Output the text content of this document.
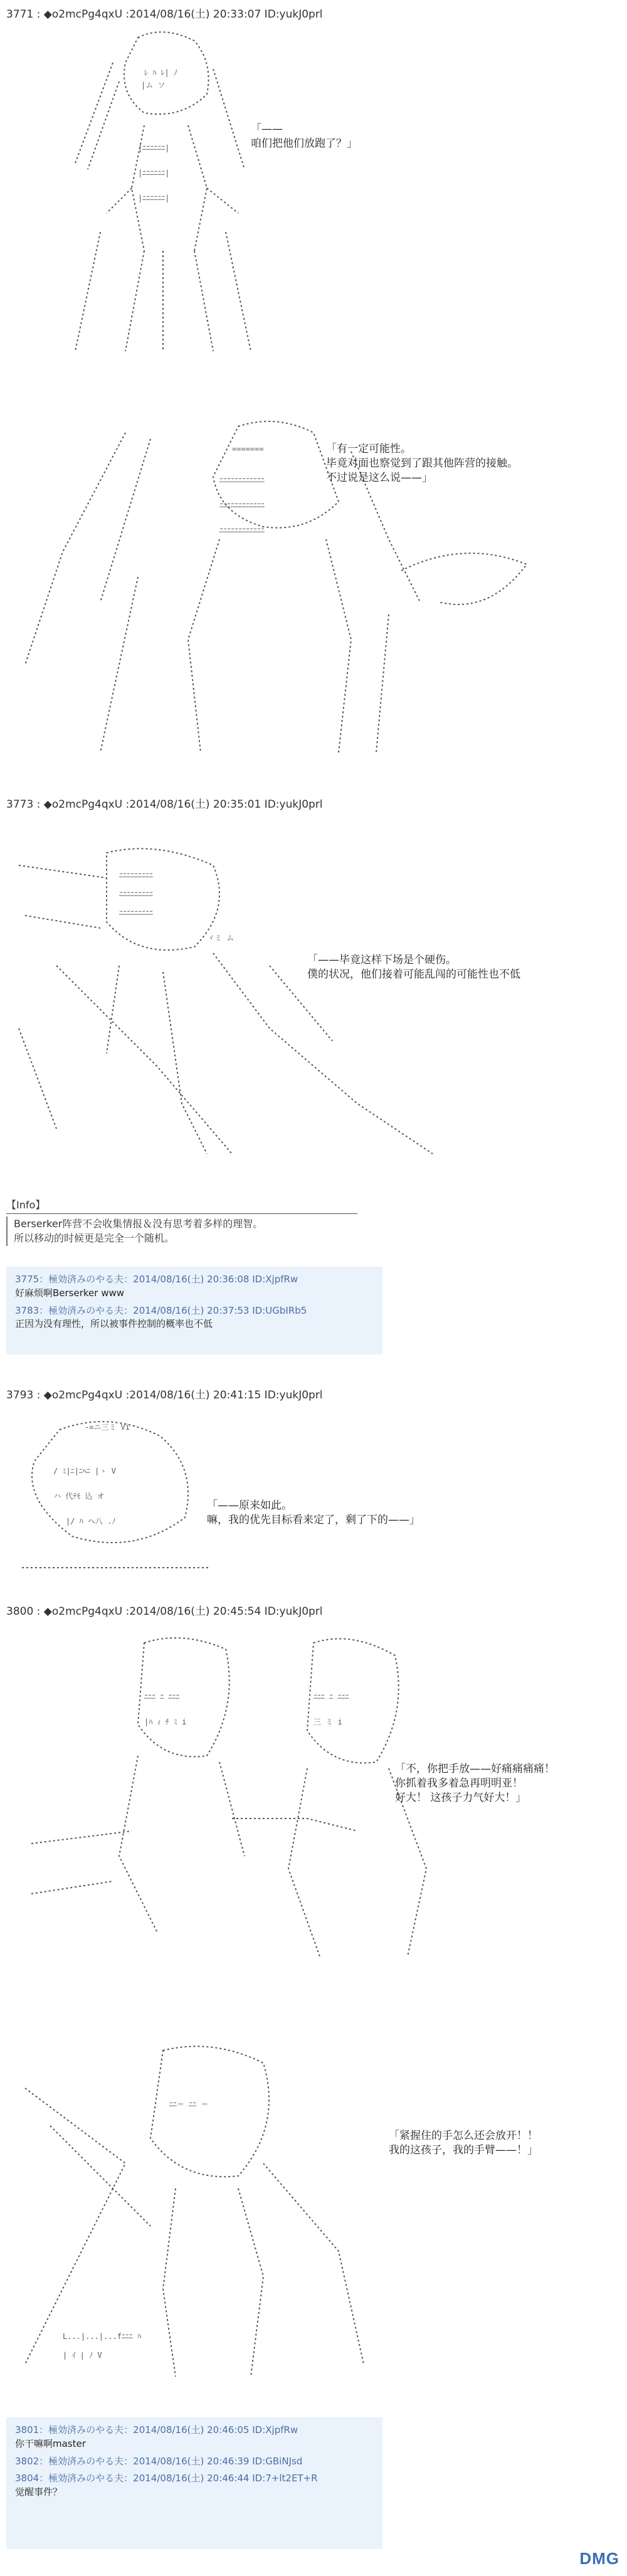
3771 : ◆o2mcPg4qxU :2014/08/16(土) 20:33:07 ID:yukJ0prl
ﾚ ﾊ ﾚ| ﾉ
|ム ソ
|ﾆﾆﾆﾆﾆﾆ|
|ﾆﾆﾆﾆﾆﾆ|
|ﾆﾆﾆﾆﾆﾆ|
「——
咱们把他们放跑了？」
=======
ﾆﾆﾆﾆﾆﾆﾆﾆﾆﾆﾆﾆ
ﾆﾆﾆﾆﾆﾆﾆﾆﾆﾆﾆﾆ
ﾆﾆﾆﾆﾆﾆﾆﾆﾆﾆﾆﾆ
「有一定可能性。
毕竟对面也察觉到了跟其他阵营的接触。
不过说是这么说——」
3773 : ◆o2mcPg4qxU :2014/08/16(土) 20:35:01 ID:yukJ0prl
ﾆﾆﾆﾆﾆﾆﾆﾆﾆ
ﾆﾆﾆﾆﾆﾆﾆﾆﾆ
ﾆﾆﾆﾆﾆﾆﾆﾆﾆ
ヾミ ム
「——毕竟这样下场是个硬伤。
僕的状况，他们接着可能乱闯的可能性也不低
【Info】
Berserker阵营不会收集情报＆没有思考着多样的理智。
所以移动的时候更是完全一个随机。
3775：極効済みのやる夫：2014/08/16(土) 20:36:08 ID:XjpfRw
好麻烦啊Berserker www
3783：極効済みのやる夫：2014/08/16(土) 20:37:53 ID:UGbIRb5
正因为没有理性，所以被事件控制的概率也不低
3793 : ◆o2mcPg4qxU :2014/08/16(土) 20:41:15 ID:yukJ0prl
-=ニ三ミ Vi
/ ﾐ|ﾆ|ﾆﾍﾆ |ヽ V
ハ 代ﾃﾓ 込 オ
|/ ﾊ ヘ八 .ﾉ
「——原来如此。
嘛，我的优先目标看来定了，剩了下的——」
3800 : ◆o2mcPg4qxU :2014/08/16(土) 20:45:54 ID:yukJ0prl
ﾆﾆﾆ ﾆ ﾆﾆﾆ
|ﾊ ｨ ﾁ ﾐ i
ﾆﾆﾆ ﾆ ﾆﾆﾆ
三 ミ i
「不，你把手放——好痛痛痛痛！
你抓着我多着急再明明亚！
好大！ 这孩子力气好大！」
ﾆﾆ＝ ﾆﾆ ＝
L...|...|...fﾆﾆﾆ ﾊ
| ｲ | ﾉ V
「紧握住的手怎么还会放开！！
我的这孩子，我的手臂——！」
3801：極効済みのやる夫：2014/08/16(土) 20:46:05 ID:XjpfRw
你干嘛啊master
3802：極効済みのやる夫：2014/08/16(土) 20:46:39 ID:GBiNJsd
3804：極効済みのやる夫：2014/08/16(土) 20:46:44 ID:7+lt2ET+R
觉醒事件？
DMG
